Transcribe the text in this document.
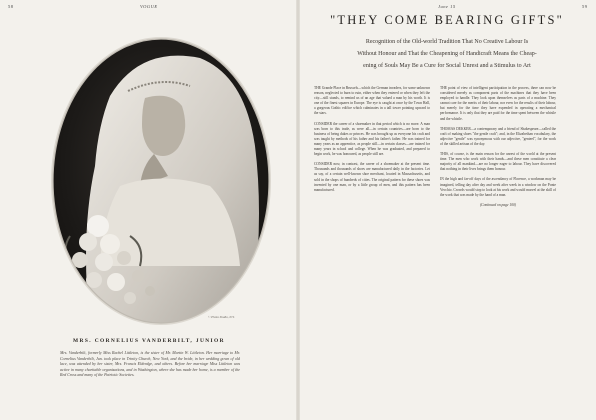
58	VOGUE
© Photo Studio, N.Y.
MRS. CORNELIUS VANDERBILT, JUNIOR

Mrs. Vanderbilt, formerly Miss Rachel Littleton, is the sister of Mr. Martin W. Littleton. Her marriage to Mr. Cornelius Vanderbilt, Jun. took place in Trinity Church, New York, and the bride, in her wedding gown of old lace, was attended by her sister, Mrs. Francis Eldredge, and others. Before her marriage Miss Littleton was active in many charitable organizations, and in Washington, where she has made her home, is a member of the Red Cross and many of the Patriotic Societies.

June 15	59
"THEY COME BEARING GIFTS"

Recognition of the Old-world Tradition That No Creative Labour Is

Without Honour and That the Cheapening of Handicraft Means the Cheap-

ening of Souls May Be a Cure for Social Unrest and a Stimulus to Art

THE Grande Place in Brussels—which the German invaders, for some unknown reason, neglected to burn to ruin, either when they entered or when they left the city—still stands, to remind us of an age that valued a man by his worth. It is one of the finest squares in Europe. The eye is caught at once by the Town Hall, a gorgeous Gothic edifice which culminates in a tall tower pointing upward to the stars.

CONSIDER the career of a shoemaker in that period which is no more. A man was born to this trade, as were all—in certain countries—are born to the business of being dukes or princes. He was brought up as everyone his craft and was taught by methods of his father and his father's father. He was trained for many years as an apprentice, as people still—in certain classes—are trained for many years in school and college. When he was graduated, and prepared to begin work, he was honoured, as people still are.

CONSIDER now, in contrast, the career of a shoemaker at the present time. Thousands and thousands of shoes are manufactured daily in the factories. Let us say, of a certain well-known shoe merchant, located in Massachusetts, and sold in the shops of hundreds of cities. The original pattern for these shoes was invented by one man, or by a little group of men, and this pattern has been manufactured.

THE point of view of intelligent participation in the process, there can now be considered merely as component parts of the machines that they have been employed to handle. They look upon themselves as parts of a machine. They cannot care for the merits of their labour, nor even for the results of their labour, but merely for the time they have expended in operating a mechanical performance. It is only that they are paid for the time spent between the whistle and the whistle.

THOMAS DEKKER—a contemporary and a friend of Shakespeare—called the craft of making shoes "the gentle craft"; and, in the Elizabethan vocabulary, the adjective "gentle" was synonymous with our adjective, "genteel", for the work of the skilled artisan of the day.

THIS, of course, is the main reason for the unrest of the world at the present time. The men who work with their hands—and these men constitute a clear majority of all mankind—are no longer eager to labour. They have discovered that nothing in their lives brings them honour.

IN the high and far-off days of the ascendancy of Florence, a workman may be imagined, telling day after day and week after week in a window on the Ponte Vecchio. Crowds would stop to look at his work and would marvel at the skill of the work that was made by the hand of a man.

(Continued on page 100)
